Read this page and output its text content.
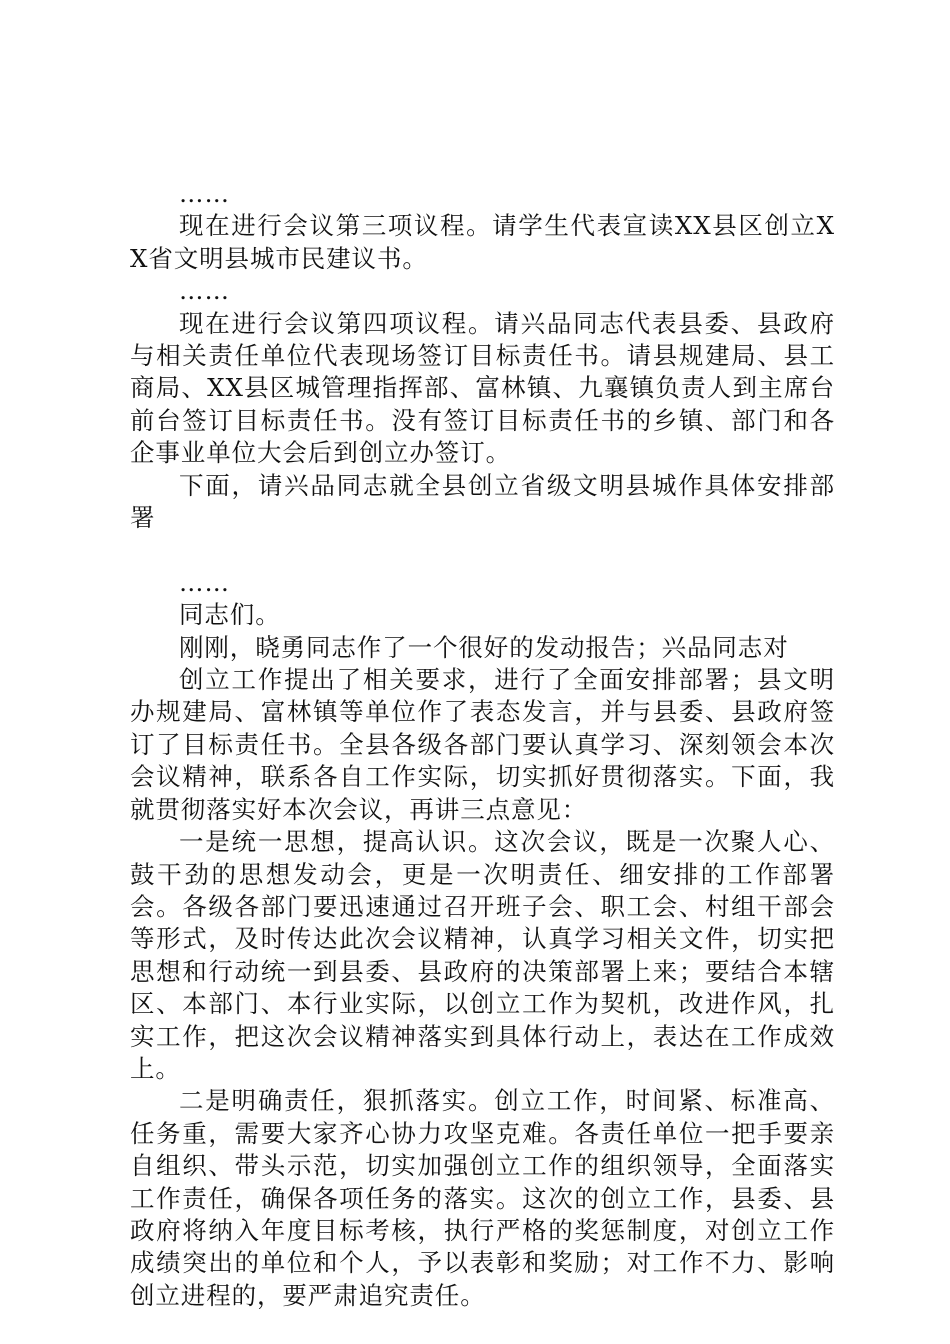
……

现在进行会议第三项议程。请学生代表宣读XX县区创立XX省文明县城市民建议书。

……

现在进行会议第四项议程。请兴品同志代表县委、县政府与相关责任单位代表现场签订目标责任书。请县规建局、县工商局、XX县区城管理指挥部、富林镇、九襄镇负责人到主席台前台签订目标责任书。没有签订目标责任书的乡镇、部门和各企事业单位大会后到创立办签订。

下面，请兴品同志就全县创立省级文明县城作具体安排部署

……

同志们。

刚刚，晓勇同志作了一个很好的发动报告；兴品同志对

创立工作提出了相关要求，进行了全面安排部署；县文明办规建局、富林镇等单位作了表态发言，并与县委、县政府签订了目标责任书。全县各级各部门要认真学习、深刻领会本次会议精神，联系各自工作实际，切实抓好贯彻落实。下面，我就贯彻落实好本次会议，再讲三点意见：

一是统一思想，提高认识。这次会议，既是一次聚人心、鼓干劲的思想发动会，更是一次明责任、细安排的工作部署会。各级各部门要迅速通过召开班子会、职工会、村组干部会等形式，及时传达此次会议精神，认真学习相关文件，切实把思想和行动统一到县委、县政府的决策部署上来；要结合本辖区、本部门、本行业实际，以创立工作为契机，改进作风，扎实工作，把这次会议精神落实到具体行动上，表达在工作成效上。

二是明确责任，狠抓落实。创立工作，时间紧、标准高、任务重，需要大家齐心协力攻坚克难。各责任单位一把手要亲自组织、带头示范，切实加强创立工作的组织领导，全面落实工作责任，确保各项任务的落实。这次的创立工作，县委、县政府将纳入年度目标考核，执行严格的奖惩制度，对创立工作成绩突出的单位和个人，予以表彰和奖励；对工作不力、影响创立进程的，要严肃追究责任。
